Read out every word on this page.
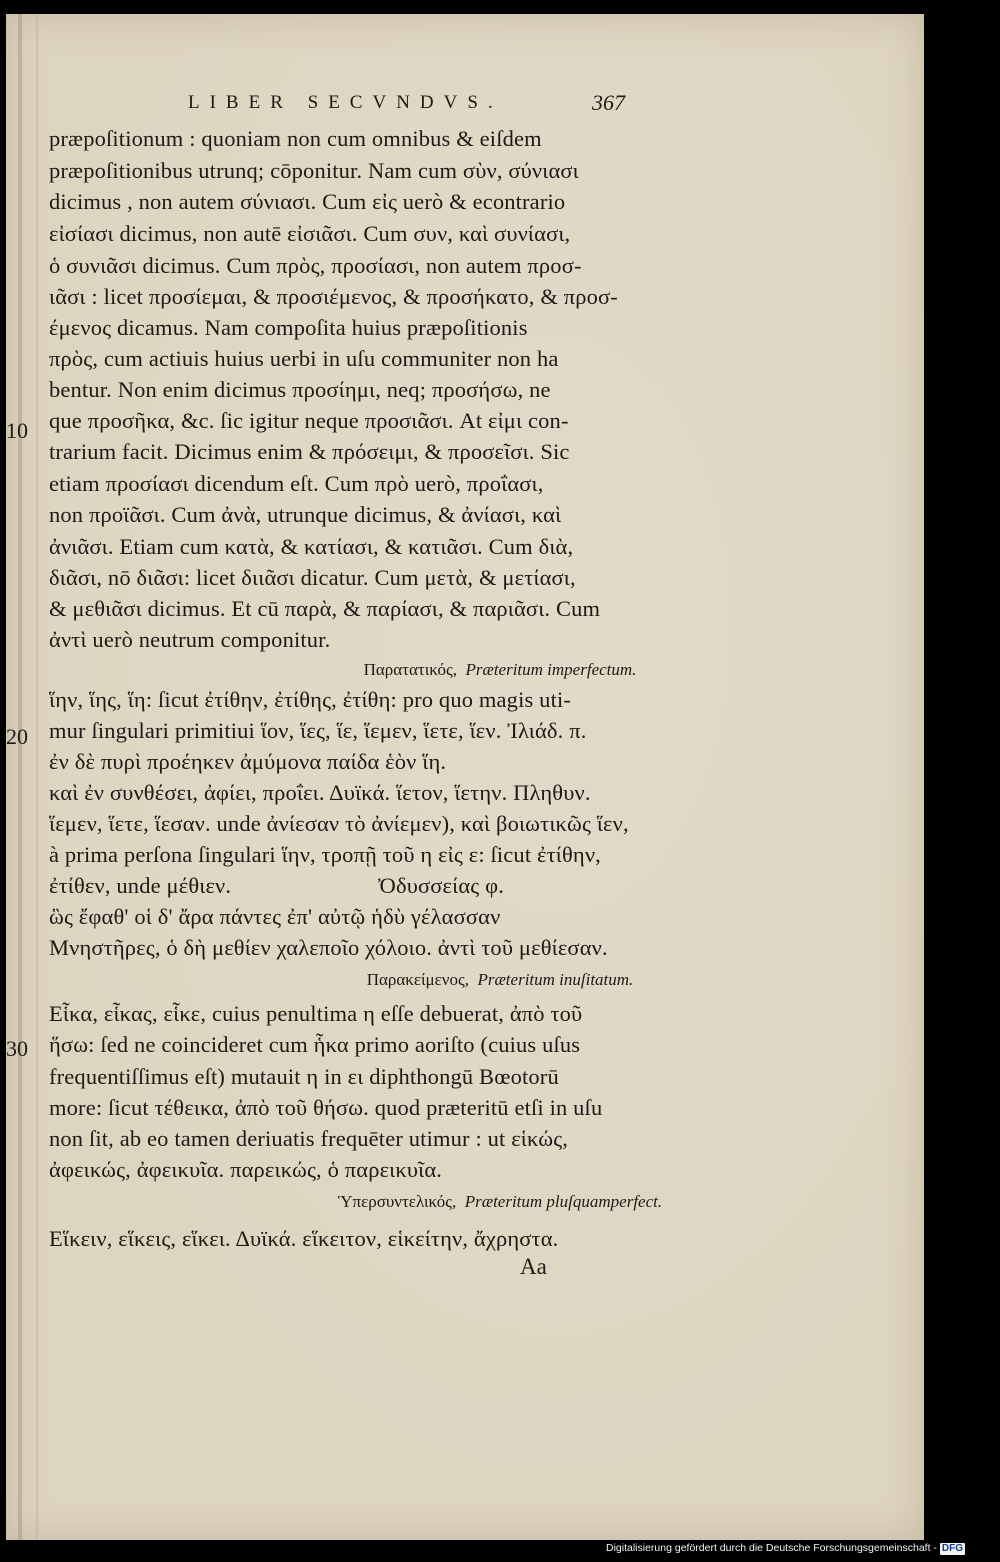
LIBER SECVNDVS.	367
præpoſitionum : quoniam non cum omnibus & eiſdem
præpoſitionibus utrunq; cōponitur. Nam cum σὺν, σύνιασι
dicimus , non autem σύνιασι. Cum εἰς uerò & econtrario
εἰσίασι dicimus, non autē εἰσιᾶσι. Cum συν, καὶ συνίασι,
ὁ συνιᾶσι dicimus. Cum πρὸς, προσίασι, non autem προσ-
ιᾶσι : licet προσίεμαι, & προσιέμενος, & προσήκατο, & προσ-
έμενος dicamus. Nam compoſita huius præpoſitionis
πρὸς, cum actiuis huius uerbi in uſu communiter non ha
bentur. Non enim dicimus προσίημι, neq; προσήσω, ne
que προσῆκα, &c. ſic igitur neque προσιᾶσι. At εἰμι con-
trarium facit. Dicimus enim & πρόσειμι, & προσεῖσι. Sic
etiam προσίασι dicendum eſt. Cum πρὸ uerò, προΐασι,
non προϊᾶσι. Cum ἀνὰ, utrunque dicimus, & ἀνίασι, καὶ
ἀνιᾶσι. Etiam cum κατὰ, & κατίασι, & κατιᾶσι. Cum διὰ,
διᾶσι, nō διᾶσι: licet διιᾶσι dicatur. Cum μετὰ, & μετίασι,
& μεθιᾶσι dicimus. Et cū παρὰ, & παρίασι, & παριᾶσι. Cum
ἀντὶ uerò neutrum componitur.
Παρατατικός, Præteritum imperfectum.
ἵην, ἵης, ἵη: ſicut ἐτίθην, ἐτίθης, ἐτίθη: pro quo magis uti-
mur ſingulari primitiui ἵον, ἵες, ἵε, ἵεμεν, ἵετε, ἵεν. Ἰλιάδ. π.
ἐν δὲ πυρὶ προέηκεν ἀμύμονα παίδα ἑὸν ἵη.
καὶ ἐν συνθέσει, ἀφίει, προΐει. Δυϊκά. ἵετον, ἵετην. Πληθυν.
ἵεμεν, ἵετε, ἵεσαν. unde ἀνίεσαν τὸ ἀνίεμεν), καὶ βοιωτικῶς ἵεν,
à prima perſona ſingulari ἵην, τροπῇ τοῦ η εἰς ε: ſicut ἐτίθην,
ἐτίθεν, unde μέθιεν.	Ὀδυσσείας φ.
ὣς ἔφαθ' οἱ δ' ἄρα πάντες ἐπ' αὐτῷ ἡδὺ γέλασσαν
Μνηστῆρες, ὁ δὴ μεθίεν χαλεποῖο χόλοιο. ἀντὶ τοῦ μεθίεσαν.
Παρακείμενος, Præteritum inuſitatum.
Εἷκα, εἷκας, εἷκε, cuius penultima η eſſe debuerat, ἀπὸ τοῦ
ἥσω: ſed ne coincideret cum ἧκα primo aoriſto (cuius uſus
frequentiſſimus eſt) mutauit η in ει diphthongū Bœotorū
more: ſicut τέθεικα, ἀπὸ τοῦ θήσω. quod præteritū etſi in uſu
non ſit, ab eo tamen deriuatis frequēter utimur : ut εἱκώς,
ἀφεικώς, ἀφεικυῖα. παρεικώς, ὁ παρεικυῖα.
Ὑπερσυντελικός, Præteritum pluſquamperfect.
Εἵκειν, εἵκεις, εἵκει. Δυϊκά. εἵκειτον, εἱκείτην, ἄχρηστα.
Aa
10
20
30
Digitalisierung gefördert durch die Deutsche Forschungsgemeinschaft - DFG
